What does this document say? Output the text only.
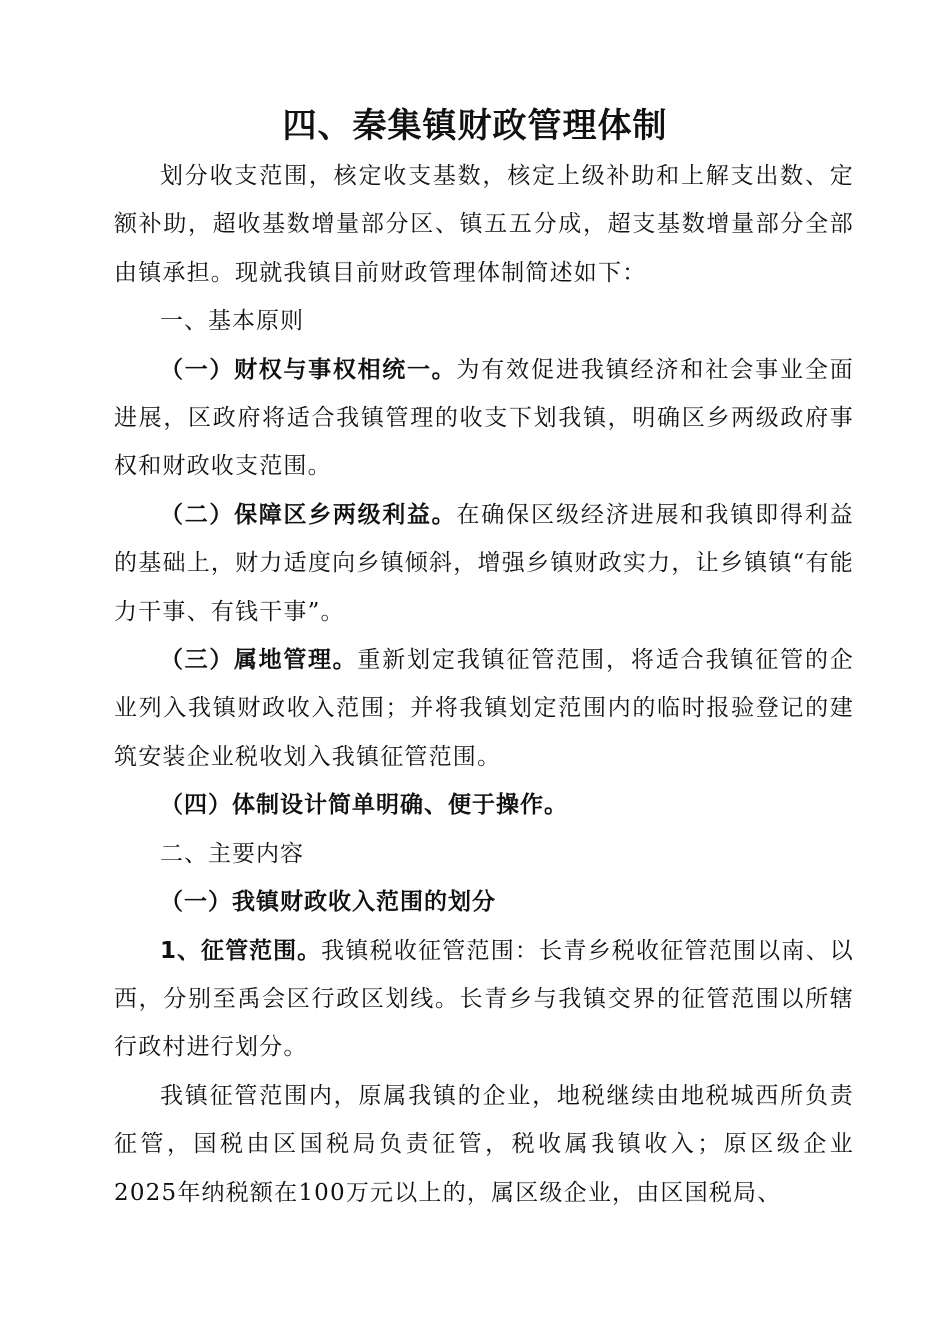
四、秦集镇财政管理体制

划分收支范围，核定收支基数，核定上级补助和上解支出数、定额补助，超收基数增量部分区、镇五五分成，超支基数增量部分全部由镇承担。现就我镇目前财政管理体制简述如下：

一、基本原则

（一）财权与事权相统一。为有效促进我镇经济和社会事业全面进展，区政府将适合我镇管理的收支下划我镇，明确区乡两级政府事权和财政收支范围。

（二）保障区乡两级利益。在确保区级经济进展和我镇即得利益的基础上，财力适度向乡镇倾斜，增强乡镇财政实力，让乡镇镇“有能力干事、有钱干事”。

（三）属地管理。重新划定我镇征管范围，将适合我镇征管的企业列入我镇财政收入范围；并将我镇划定范围内的临时报验登记的建筑安装企业税收划入我镇征管范围。

（四）体制设计简单明确、便于操作。

二、主要内容

（一）我镇财政收入范围的划分

1、征管范围。我镇税收征管范围：长青乡税收征管范围以南、以西，分别至禹会区行政区划线。长青乡与我镇交界的征管范围以所辖行政村进行划分。

我镇征管范围内，原属我镇的企业，地税继续由地税城西所负责征管，国税由区国税局负责征管，税收属我镇收入；原区级企业2025年纳税额在100万元以上的，属区级企业，由区国税局、
